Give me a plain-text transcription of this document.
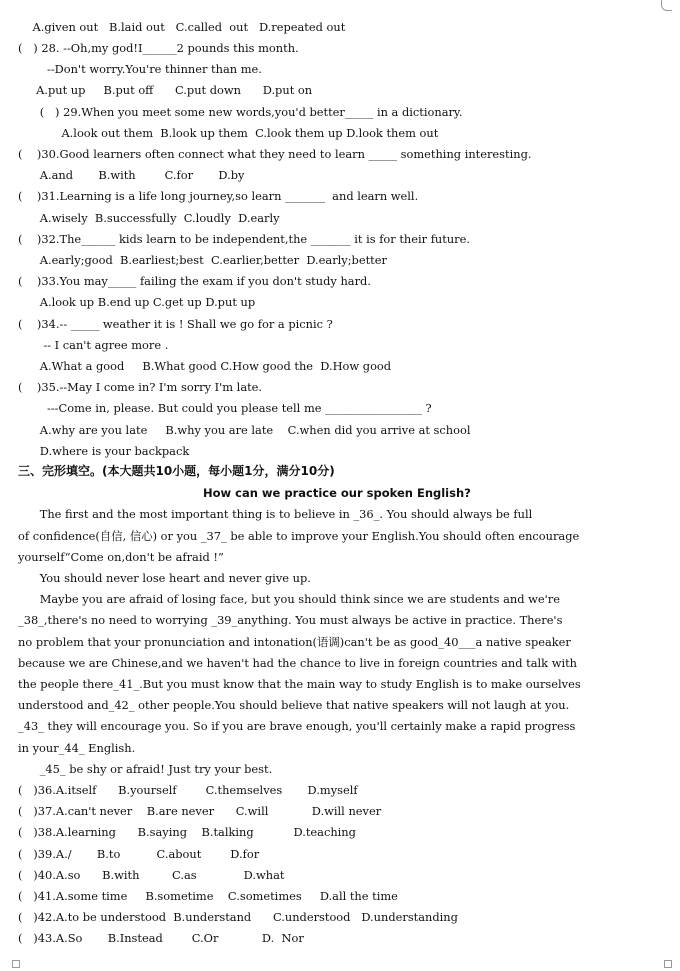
A.given out   B.laid out   C.called  out   D.repeated out
(   ) 28. --Oh,my god!I______2 pounds this month.
--Don't worry.You're thinner than me.
A.put up     B.put off      C.put down      D.put on
(   ) 29.When you meet some new words,you'd better_____ in a dictionary.
A.look out them  B.look up them  C.look them up D.look them out
(    )30.Good learners often connect what they need to learn _____ something interesting.
A.and       B.with        C.for       D.by
(    )31.Learning is a life long journey,so learn _______  and learn well.
A.wisely  B.successfully  C.loudly  D.early
(    )32.The______ kids learn to be independent,the _______ it is for their future.
A.early;good  B.earliest;best  C.earlier,better  D.early;better
(    )33.You may_____ failing the exam if you don't study hard.
A.look up B.end up C.get up D.put up
(    )34.-- _____ weather it is ! Shall we go for a picnic ?
-- I can't agree more .
A.What a good     B.What good C.How good the  D.How good
(    )35.--May I come in? I'm sorry I'm late.
---Come in, please. But could you please tell me _________________ ?
A.why are you late     B.why you are late    C.when did you arrive at school
D.where is your backpack
三、完形填空。(本大题共10小题，每小题1分，满分10分)
How can we practice our spoken English?
The first and the most important thing is to believe in _36_. You should always be full
of confidence(自信, 信心) or you _37_ be able to improve your English.You should often encourage
yourself“Come on,don't be afraid !”
You should never lose heart and never give up.
Maybe you are afraid of losing face, but you should think since we are students and we're
_38_,there's no need to worrying _39_anything. You must always be active in practice. There's
no problem that your pronunciation and intonation(语调)can't be as good_40___a native speaker
because we are Chinese,and we haven't had the chance to live in foreign countries and talk with
the people there_41_.But you must know that the main way to study English is to make ourselves
understood and_42_ other people.You should believe that native speakers will not laugh at you.
_43_ they will encourage you. So if you are brave enough, you'll certainly make a rapid progress
in your_44_ English.
_45_ be shy or afraid! Just try your best.
(   )36.A.itself      B.yourself        C.themselves       D.myself
(   )37.A.can't never    B.are never      C.will            D.will never
(   )38.A.learning      B.saying    B.talking           D.teaching
(   )39.A./       B.to          C.about        D.for
(   )40.A.so      B.with         C.as             D.what
(   )41.A.some time     B.sometime    C.sometimes     D.all the time
(   )42.A.to be understood  B.understand      C.understood   D.understanding
(   )43.A.So       B.Instead        C.Or            D.  Nor
